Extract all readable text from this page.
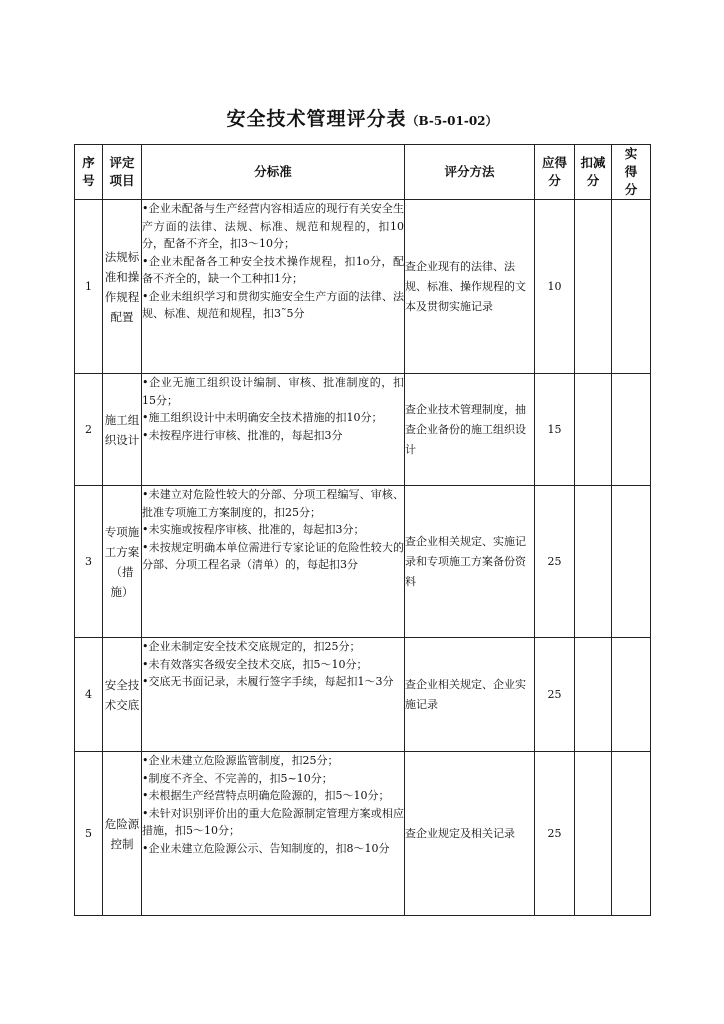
安全技术管理评分表（B-5-01-02）
序号	评定项目	分标准	评分方法	应得分	扣减分	实得分
1	法规标准和操作规程配置	•企业未配备与生产经营内容相适应的现行有关安全生产方面的法律、法规、标准、规范和规程的，扣10分，配备不齐全，扣3～10分；
•企业未配备各工种安全技术操作规程，扣1o分，配备不齐全的，缺一个工种扣1分；
•企业未组织学习和贯彻实施安全生产方面的法律、法规、标准、规范和规程，扣3˜5分	查企业现有的法律、法规、标准、操作规程的文本及贯彻实施记录	10		
2	施工组织设计	•企业无施工组织设计编制、审核、批准制度的，扣15分；
•施工组织设计中未明确安全技术措施的扣10分；
•未按程序进行审核、批准的，每起扣3分	查企业技术管理制度，抽查企业备份的施工组织设计	15		
3	专项施工方案（措施）	•未建立对危险性较大的分部、分项工程编写、审核、批准专项施工方案制度的，扣25分；
•未实施或按程序审核、批准的，每起扣3分；
•未按规定明确本单位需进行专家论证的危险性较大的分部、分项工程名录（清单）的，每起扣3分	查企业相关规定、实施记录和专项施工方案备份资料	25		
4	安全技术交底	•企业未制定安全技术交底规定的，扣25分；
•未有效落实各级安全技术交底，扣5～10分；
•交底无书面记录，未履行签字手续，每起扣1～3分	查企业相关规定、企业实施记录	25		
5	危险源控制	•企业未建立危险源监管制度，扣25分；
•制度不齐全、不完善的，扣5~10分；
•未根据生产经营特点明确危险源的，扣5～10分；
•未针对识别评价出的重大危险源制定管理方案或相应措施，扣5～10分；
•企业未建立危险源公示、告知制度的，扣8～10分	查企业规定及相关记录	25		
